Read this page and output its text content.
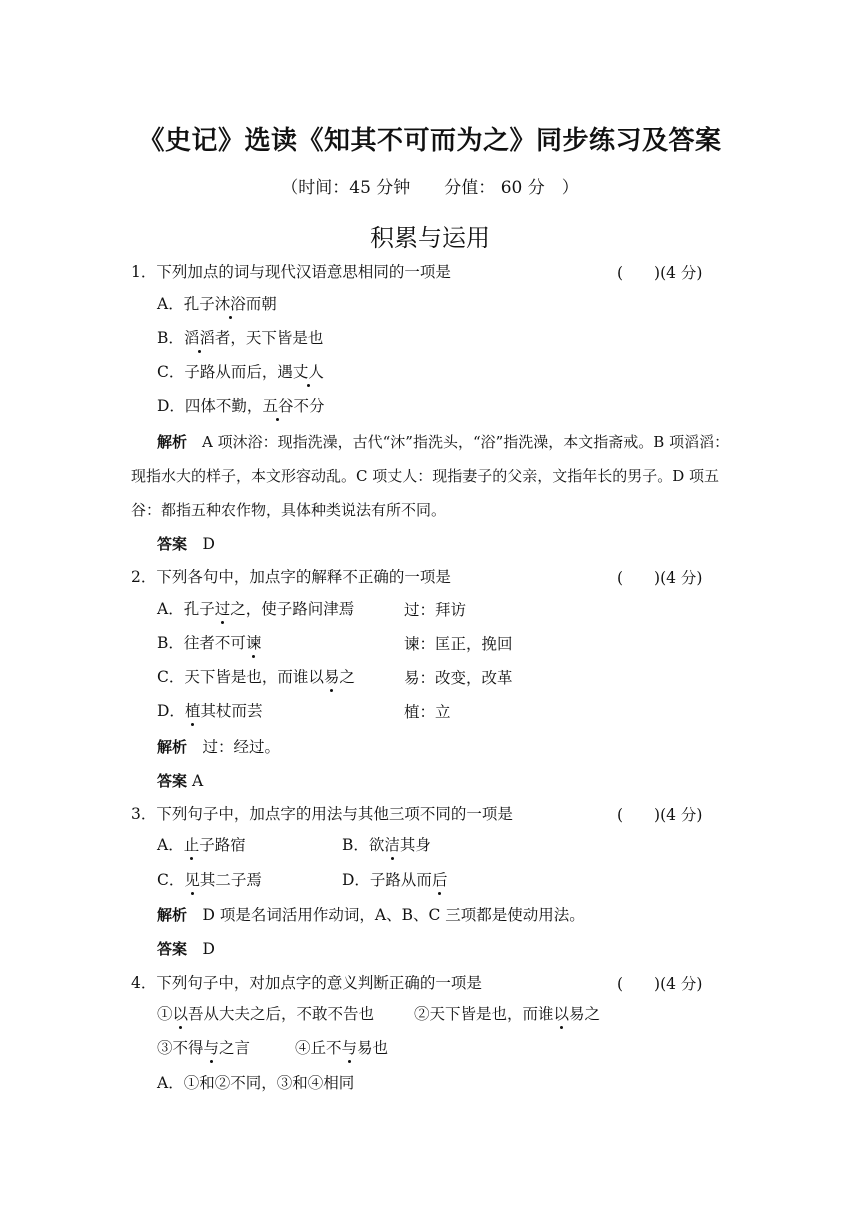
《史记》选读《知其不可而为之》同步练习及答案
（时间：45 分钟　　分值： 60 分　）
积累与运用
1．下列加点的词与现代汉语意思相同的一项是	(　　)(4 分)
A．孔子沐浴而朝
B．滔滔者，天下皆是也
C．子路从而后，遇丈人
D．四体不勤，五谷不分
解析　 A 项沐浴：现指洗澡，古代“沐”指洗头，“浴”指洗澡，本文指斋戒。B 项滔滔：现指水大的样子，本文形容动乱。C 项丈人：现指妻子的父亲，文指年长的男子。D 项五谷：都指五种农作物，具体种类说法有所不同。
答案　 D
2．下列各句中，加点字的解释不正确的一项是	(　　)(4 分)
A．孔子过之，使子路问津焉	过：拜访
B．往者不可谏	谏：匡正，挽回
C．天下皆是也，而谁以易之	易：改变，改革
D．植其杖而芸	植：立
解析　 过：经过。
答案 A
3．下列句子中，加点字的用法与其他三项不同的一项是	(　　)(4 分)
A．止子路宿	B．欲洁其身
C．见其二子焉	D．子路从而后
解析　 D 项是名词活用作动词，A、B、C 三项都是使动用法。
答案　 D
4．下列句子中，对加点字的意义判断正确的一项是	(　　)(4 分)
①以吾从大夫之后，不敢不告也	②天下皆是也，而谁以易之
③不得与之言	④丘不与易也
A．①和②不同，③和④相同
